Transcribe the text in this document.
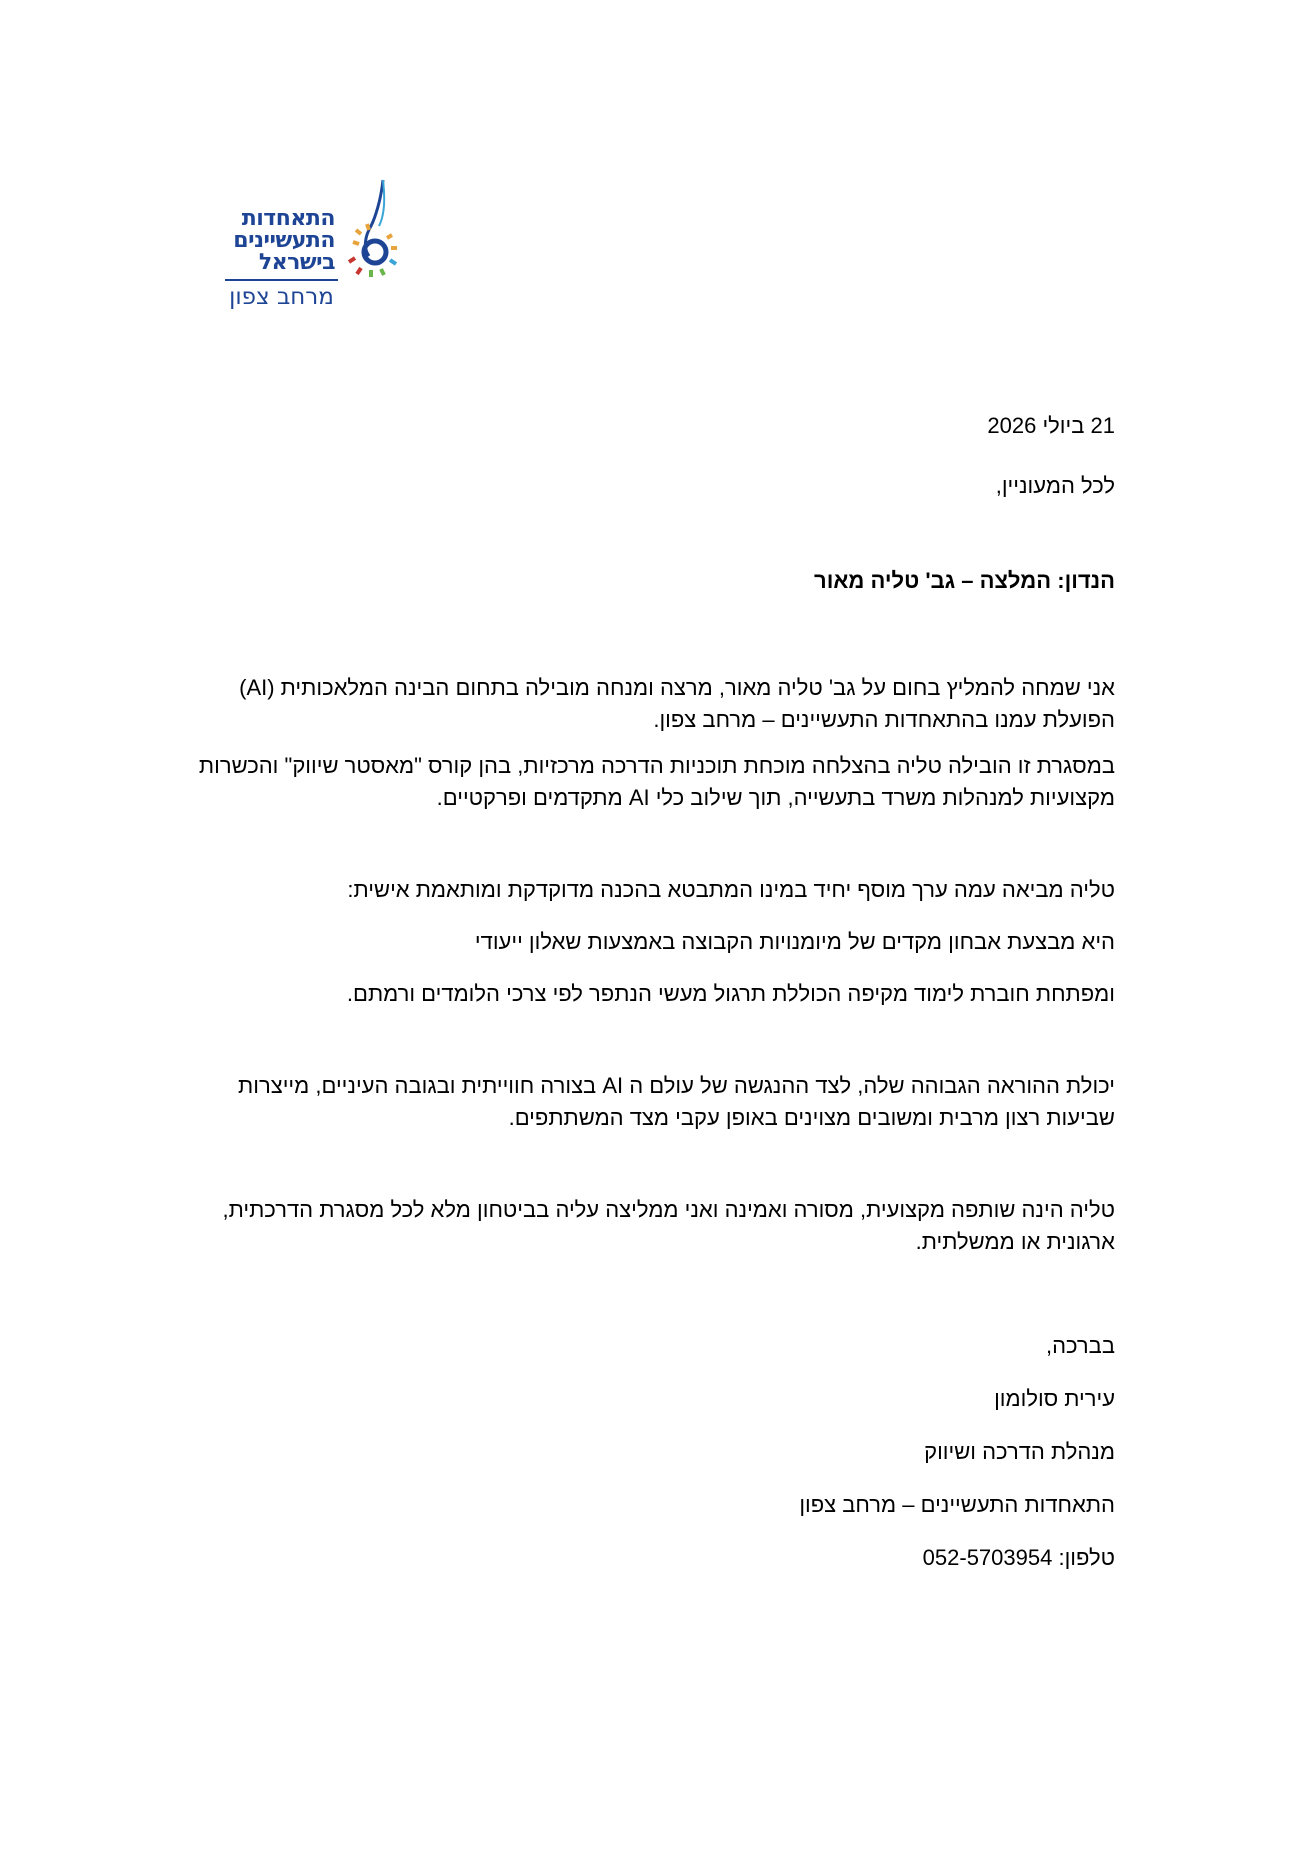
התאחדות
התעשיינים
בישראל
מרחב צפון

21 ביולי 2026

לכל המעוניין,

הנדון: המלצה – גב' טליה מאור

אני שמחה להמליץ בחום על גב' טליה מאור, מרצה ומנחה מובילה בתחום הבינה המלאכותית (AI) הפועלת עמנו בהתאחדות התעשיינים – מרחב צפון.

במסגרת זו הובילה טליה בהצלחה מוכחת תוכניות הדרכה מרכזיות, בהן קורס "מאסטר שיווק" והכשרות מקצועיות למנהלות משרד בתעשייה, תוך שילוב כלי AI מתקדמים ופרקטיים.

טליה מביאה עמה ערך מוסף יחיד במינו המתבטא בהכנה מדוקדקת ומותאמת אישית:

היא מבצעת אבחון מקדים של מיומנויות הקבוצה באמצעות שאלון ייעודי

ומפתחת חוברת לימוד מקיפה הכוללת תרגול מעשי הנתפר לפי צרכי הלומדים ורמתם.

יכולת ההוראה הגבוהה שלה, לצד ההנגשה של עולם ה AI בצורה חווייתית ובגובה העיניים, מייצרות שביעות רצון מרבית ומשובים מצוינים באופן עקבי מצד המשתתפים.

טליה הינה שותפה מקצועית, מסורה ואמינה ואני ממליצה עליה בביטחון מלא לכל מסגרת הדרכתית, ארגונית או ממשלתית.

בברכה,

עירית סולומון

מנהלת הדרכה ושיווק

התאחדות התעשיינים – מרחב צפון

טלפון: 052-5703954
